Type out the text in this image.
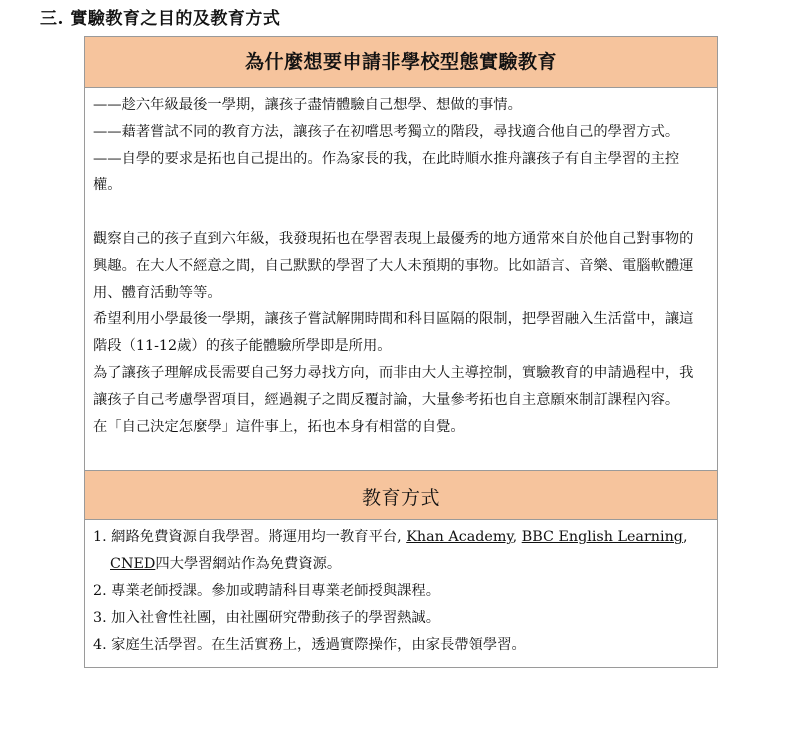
三. 實驗教育之目的及教育方式
為什麼想要申請非學校型態實驗教育

——趁六年級最後一學期，讓孩子盡情體驗自己想學、想做的事情。

——藉著嘗試不同的教育方法，讓孩子在初嚐思考獨立的階段，尋找適合他自己的學習方式。

——自學的要求是拓也自己提出的。作為家長的我，在此時順水推舟讓孩子有自主學習的主控權。

觀察自己的孩子直到六年級，我發現拓也在學習表現上最優秀的地方通常來自於他自己對事物的興趣。在大人不經意之間，自己默默的學習了大人未預期的事物。比如語言、音樂、電腦軟體運用、體育活動等等。

希望利用小學最後一學期，讓孩子嘗試解開時間和科目區隔的限制，把學習融入生活當中，讓這階段（11-12歲）的孩子能體驗所學即是所用。

為了讓孩子理解成長需要自己努力尋找方向，而非由大人主導控制，實驗教育的申請過程中，我讓孩子自己考慮學習項目，經過親子之間反覆討論，大量參考拓也自主意願來制訂課程內容。

在「自己決定怎麼學」這件事上，拓也本身有相當的自覺。

教育方式

1. 網路免費資源自我學習。將運用均一教育平台, Khan Academy, BBC English Learning,

CNED四大學習網站作為免費資源。

2. 專業老師授課。參加或聘請科目專業老師授與課程。

3. 加入社會性社團，由社團研究帶動孩子的學習熱誠。

4. 家庭生活學習。在生活實務上，透過實際操作，由家長帶領學習。
